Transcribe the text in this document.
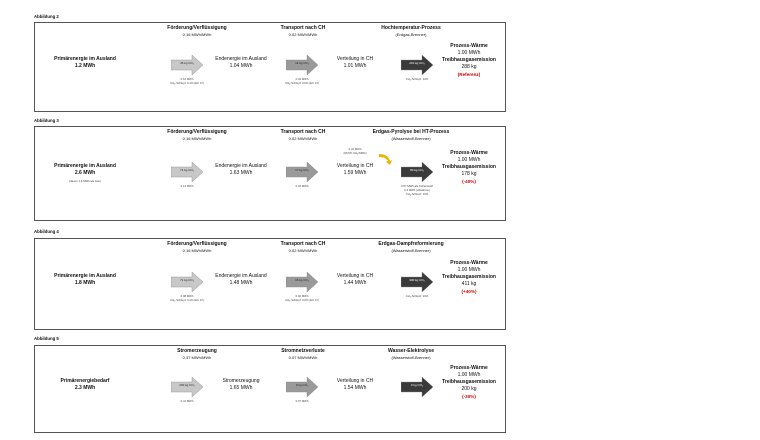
Abbildung 2
Förderung/Verflüssigung
0.16 MWh/MWh
Transport nach CH
0.02 MWh/MWh
Hochtemperatur-Prozess
(Erdgas-Brenner)
Primärenergie im Ausland
1.2 MWh
Endenergie im Ausland
1.04 MWh
Verteilung in CH
1.01 MWh
45 kg CO₂
0.16 MWh
CH₄-Schlupf: 0.1% (EC 47)
12 kg CO₂
0.02 MWh
CH₄-Schlupf: 0.6% (EC 47)
231 kg CO₂
CH₄-Schlupf: 10%
Prozess-Wärme
1.00 MWh
Treibhausgasemission
288 kg
(Referenz)
Abbildung 3
Förderung/Verflüssigung
0.16 MWh/MWh
Transport nach CH
0.02 MWh/MWh
Erdgas-Pyrolyse bei HT-Prozess
(Wasserstoff-Brenner)
Primärenergie im Ausland
2.6 MWh
(davon 1.9 MWh als Gas)
Endenergie im Ausland
1.63 MWh
Verteilung in CH
1.59 MWh
71 kg CO₂
0.13 MWh
17 kg CO₂
0.04 MWh
80 kg CO₂
0.57 MWh als Kohlenstoff
0.3 MWh (Abwärme)
CH₄-Schlupf: 10%
0.41 MWh
(69.5% CH₄/MWh)	Prozess-Wärme
1.00 MWh
Treibhausgasemission
178 kg
(-40%)
Abbildung 4
Förderung/Verflüssigung
0.16 MWh/MWh
Transport nach CH
0.02 MWh/MWh
Erdgas-Dampfreformierung
(Wasserstoff-Brenner)
Primärenergie im Ausland
1.8 MWh
Endenergie im Ausland
1.48 MWh
Verteilung in CH
1.44 MWh
71 kg CO₂
0.08 MWh
CH₄-Schlupf: 0.1% (EC 47)
16 kg CO₂
0.02 MWh
CH₄-Schlupf: 0.6% (EC 47)
300 kg CO₂
CH₄-Schlupf: 10%
Prozess-Wärme
1.00 MWh
Treibhausgasemission
411 kg
(+40%)
Abbildung 5
Stromerzeugung
0.37 MWh/MWh
Stromnetzverluste
0.07 MWh/MWh
Wasser-Elektrolyse
(Wasserstoff-Brenner)
Primärenergiebedarf
2.3 MWh
Stromerzeugung
1.65 MWh
Verteilung in CH
1.54 MWh
200 kg CO₂
0.41 MWh
0 kg CO₂
0.07 MWh
0 kg CO₂
Prozess-Wärme
1.00 MWh
Treibhausgasemission
200 kg
(-30%)
